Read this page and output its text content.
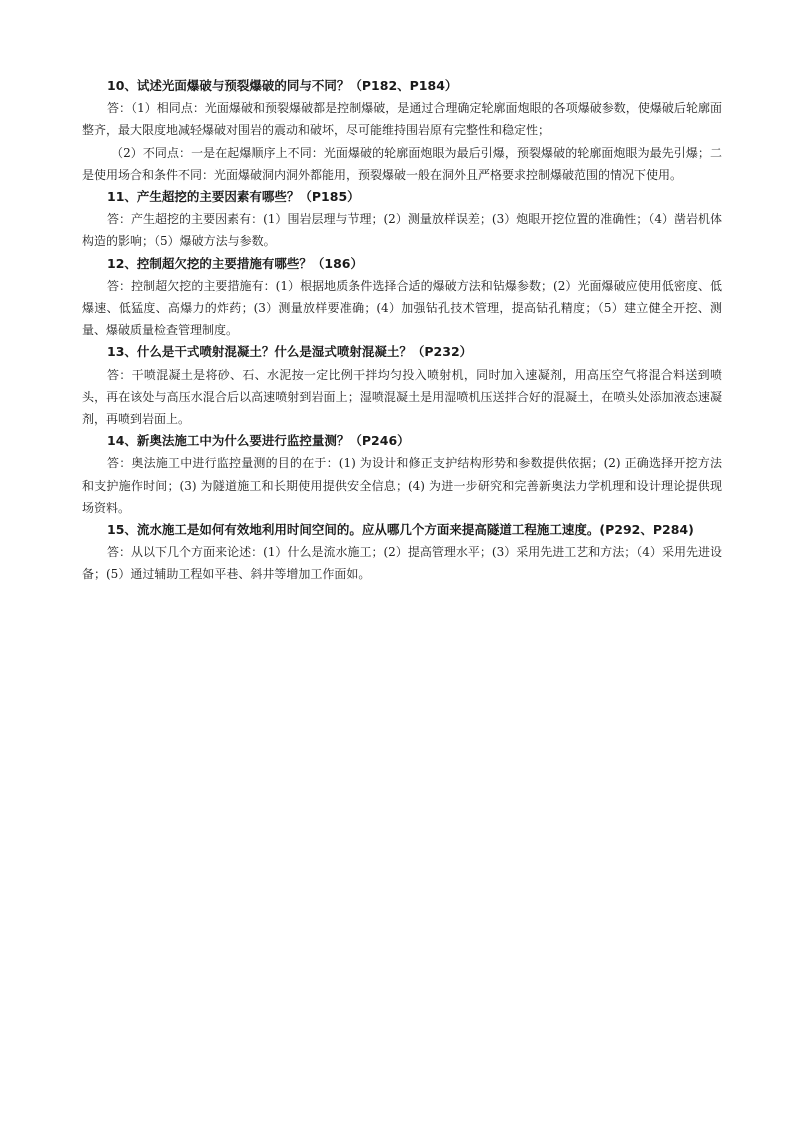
10、试述光面爆破与预裂爆破的同与不同？（P182、P184）

答：（1）相同点：光面爆破和预裂爆破都是控制爆破，是通过合理确定轮廓面炮眼的各项爆破参数，使爆破后轮廓面整齐，最大限度地减轻爆破对围岩的震动和破坏，尽可能维持围岩原有完整性和稳定性；

（2）不同点：一是在起爆顺序上不同：光面爆破的轮廓面炮眼为最后引爆，预裂爆破的轮廓面炮眼为最先引爆；二是使用场合和条件不同：光面爆破洞内洞外都能用，预裂爆破一般在洞外且严格要求控制爆破范围的情况下使用。

11、产生超挖的主要因素有哪些？（P185）

答：产生超挖的主要因素有：(1）围岩层理与节理；(2）测量放样误差；(3）炮眼开挖位置的准确性；（4）凿岩机体构造的影响；（5）爆破方法与参数。

12、控制超欠挖的主要措施有哪些？（186）

答：控制超欠挖的主要措施有：(1）根据地质条件选择合适的爆破方法和钻爆参数；(2）光面爆破应使用低密度、低爆速、低猛度、高爆力的炸药；(3）测量放样要准确；(4）加强钻孔技术管理，提高钻孔精度；（5）建立健全开挖、测量、爆破质量检查管理制度。

13、什么是干式喷射混凝土？什么是湿式喷射混凝土？（P232）

答：干喷混凝土是将砂、石、水泥按一定比例干拌均匀投入喷射机，同时加入速凝剂，用高压空气将混合料送到喷头，再在该处与高压水混合后以高速喷射到岩面上；湿喷混凝土是用湿喷机压送拌合好的混凝土，在喷头处添加液态速凝剂，再喷到岩面上。

14、新奥法施工中为什么要进行监控量测？（P246）

答：奥法施工中进行监控量测的目的在于：(1) 为设计和修正支护结构形势和参数提供依据；(2) 正确选择开挖方法和支护施作时间；(3) 为隧道施工和长期使用提供安全信息；(4) 为进一步研究和完善新奥法力学机理和设计理论提供现场资料。

15、流水施工是如何有效地利用时间空间的。应从哪几个方面来提高隧道工程施工速度。(P292、P284)

答：从以下几个方面来论述：(1）什么是流水施工；(2）提高管理水平；(3）采用先进工艺和方法；（4）采用先进设备；(5）通过辅助工程如平巷、斜井等增加工作面如。
